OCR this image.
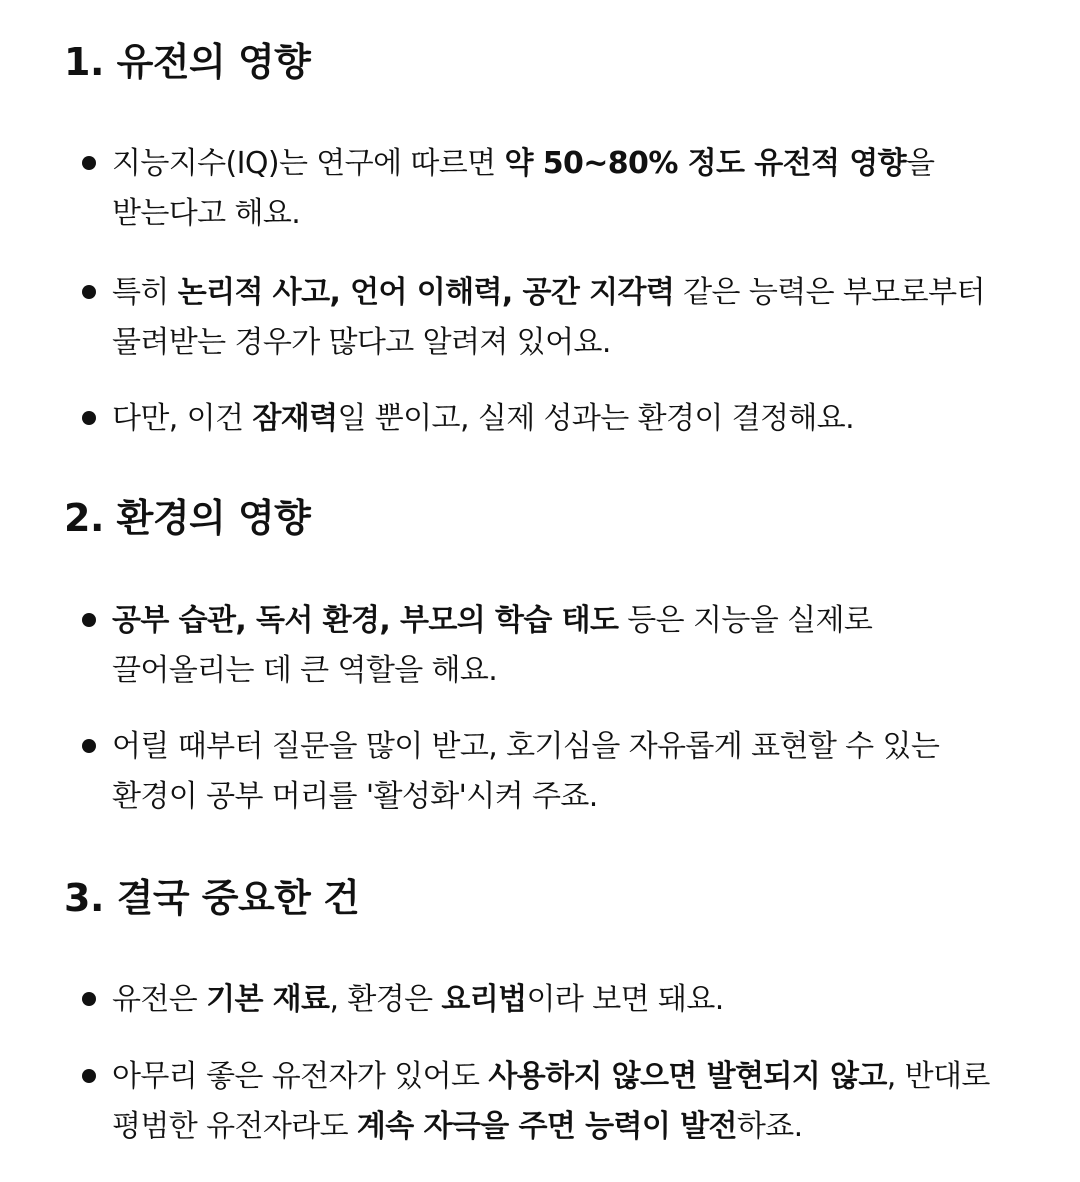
1. 유전의 영향

지능지수(IQ)는 연구에 따르면 약 50~80% 정도 유전적 영향을
받는다고 해요.

특히 논리적 사고, 언어 이해력, 공간 지각력 같은 능력은 부모로부터
물려받는 경우가 많다고 알려져 있어요.

다만, 이건 잠재력일 뿐이고, 실제 성과는 환경이 결정해요.

2. 환경의 영향

공부 습관, 독서 환경, 부모의 학습 태도 등은 지능을 실제로
끌어올리는 데 큰 역할을 해요.

어릴 때부터 질문을 많이 받고, 호기심을 자유롭게 표현할 수 있는
환경이 공부 머리를 '활성화'시켜 주죠.

3. 결국 중요한 건

유전은 기본 재료, 환경은 요리법이라 보면 돼요.

아무리 좋은 유전자가 있어도 사용하지 않으면 발현되지 않고, 반대로
평범한 유전자라도 계속 자극을 주면 능력이 발전하죠.
